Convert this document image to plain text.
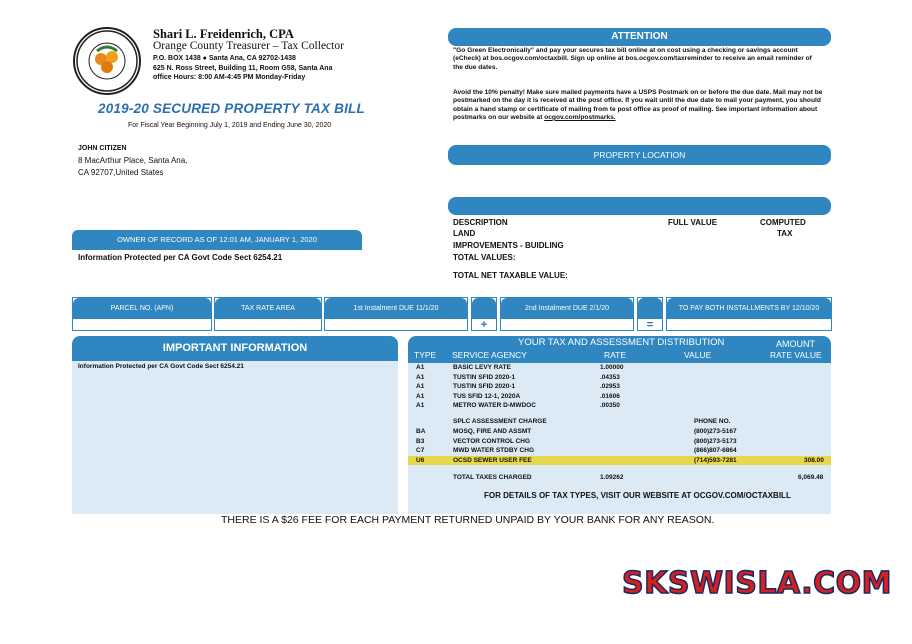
Shari L. Freidenrich, CPA
Orange County Treasurer – Tax Collector
P.O. BOX 1438 ● Santa Ana, CA 92702-1438
625 N. Ross Street, Building 11, Room G58, Santa Ana
office Hours: 8:00 AM-4:45 PM Monday-Friday
2019-20 SECURED PROPERTY TAX BILL
For Fiscal Year Beginning July 1, 2019 and Ending June 30, 2020
JOHN CITIZEN
8 MacArthur Place, Santa Ana,
CA 92707,United States
ATTENTION
"Go Green Electronically" and pay your secures tax bill online at on cost using a checking or savings account (eCheck) at bos.ocgov.com/octaxbill. Sign up online at bos.ocgov.com/taxreminder to receive an email reminder of the due dates.
Avoid the 10% penalty! Make sure mailed payments have a USPS Postmark on or before the due date. Mail may not be postmarked on the day it is received at the post office. If you wait until the due date to mail your payment, you should obtain a hand stamp or certificate of mailing from te post office as proof of mailing. See important information about postmarks on our website at ocgov.com/postmarks.
PROPERTY LOCATION
DESCRIPTION	FULL VALUE	COMPUTED
LAND	TAX
IMPROVEMENTS - BUIDLING
TOTAL VALUES:
TOTAL NET TAXABLE VALUE:
OWNER OF RECORD AS OF 12:01 AM, JANUARY 1, 2020
Information Protected per CA Govt Code Sect 6254.21
PARCEL NO. (APN)	TAX RATE AREA	1st Instalment DUE 11/1/20
+
2nd Instalment DUE 2/1/20
=
TO PAY BOTH INSTALLMENTS BY 12/10/20
IMPORTANT INFORMATION
Information Protected per CA Govt Code Sect 6254.21
YOUR TAX AND ASSESSMENT DISTRIBUTION	AMOUNT
TYPE SERVICE AGENCY	RATE	VALUE	RATE VALUE
A1	BASIC LEVY RATE	1.00000
A1	TUSTIN SFID 2020-1	.04353
A1	TUSTIN SFID 2020-1	.02953
A1	TUS SFID 12-1, 2020A	.01606
A1	METRO WATER D-MWDOC	.00350
SPLC ASSESSMENT CHARGE	PHONE NO.
BA	MOSQ, FIRE AND ASSMT	(800)273-5167
B3	VECTOR CONTROL CHG	(800)273-5173
C7	MWD WATER STDBY CHG	(866)807-6864
U6	OCSD SEWER USER FEE	(714)593-7281	308.00
TOTAL TAXES CHARGED	1.09262	6,069.48
FOR DETAILS OF TAX TYPES, VISIT OUR WEBSITE AT OCGOV.COM/OCTAXBILL
THERE IS A $26 FEE FOR EACH PAYMENT RETURNED UNPAID BY YOUR BANK FOR ANY REASON.
SKSWISLA.COM
